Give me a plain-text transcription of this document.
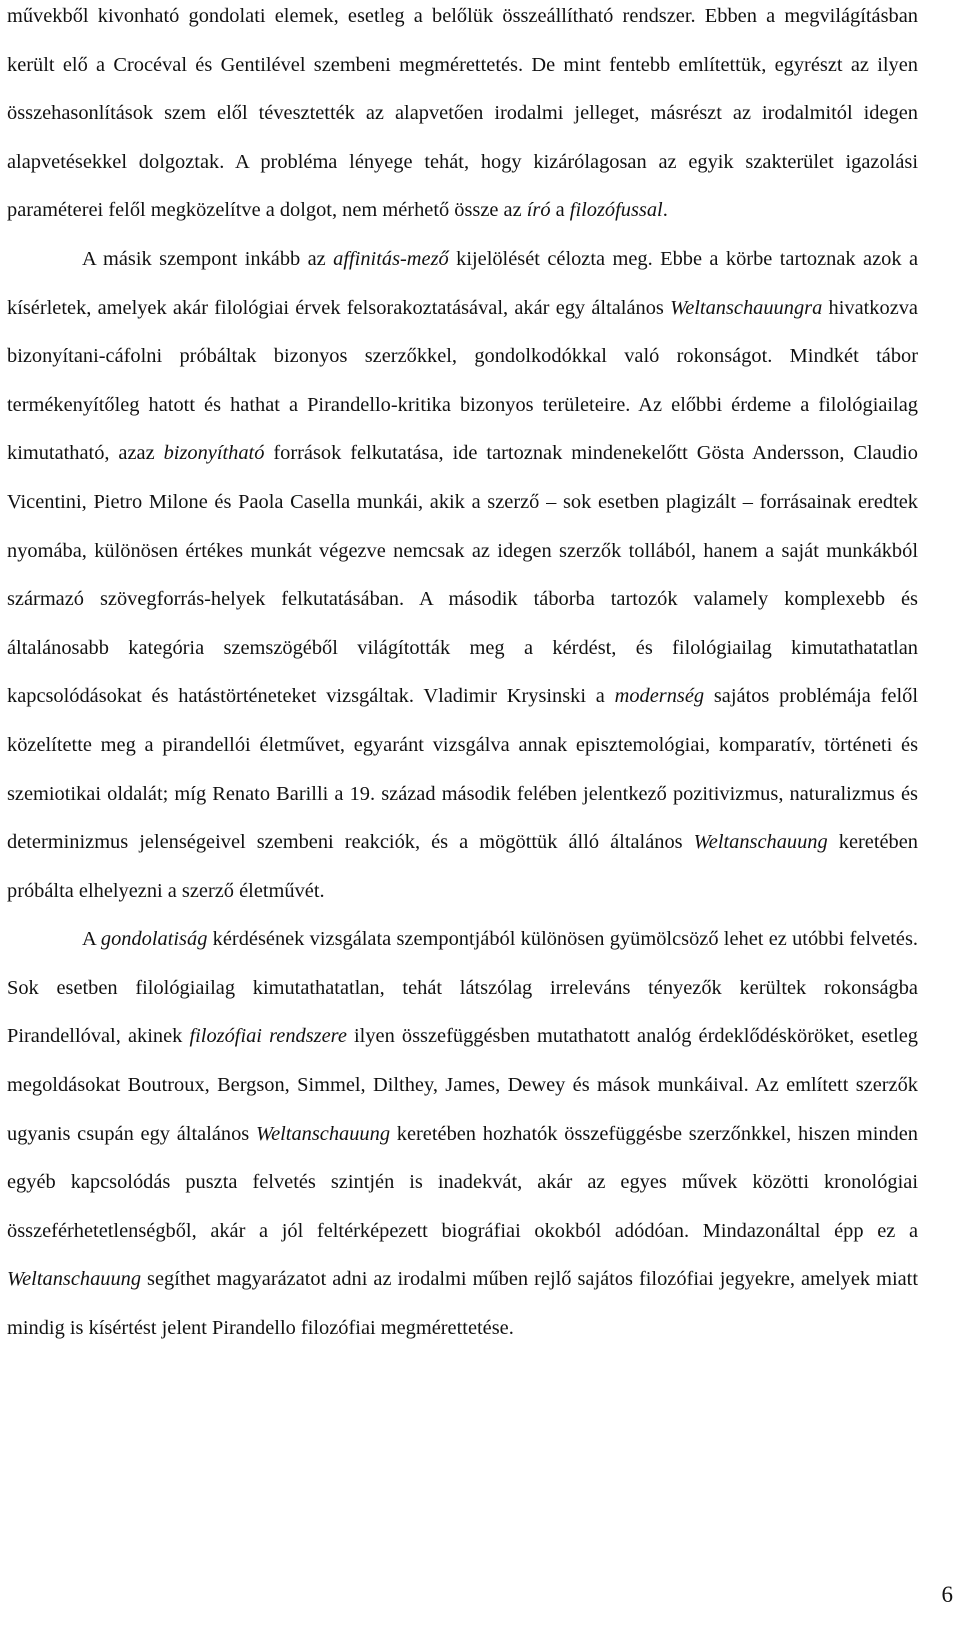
művekből kivonható gondolati elemek, esetleg a belőlük összeállítható rendszer. Ebben a megvilágításban került elő a Crocéval és Gentilével szembeni megmérettetés. De mint fentebb említettük, egyrészt az ilyen összehasonlítások szem elől tévesztették az alapvetően irodalmi jelleget, másrészt az irodalmitól idegen alapvetésekkel dolgoztak. A probléma lényege tehát, hogy kizárólagosan az egyik szakterület igazolási paraméterei felől megközelítve a dolgot, nem mérhető össze az író a filozófussal.

A másik szempont inkább az affinitás-mező kijelölését célozta meg. Ebbe a körbe tartoznak azok a kísérletek, amelyek akár filológiai érvek felsorakoztatásával, akár egy általános Weltanschauungra hivatkozva bizonyítani-cáfolni próbáltak bizonyos szerzőkkel, gondolkodókkal való rokonságot. Mindkét tábor termékenyítőleg hatott és hathat a Pirandello-kritika bizonyos területeire. Az előbbi érdeme a filológiailag kimutatható, azaz bizonyítható források felkutatása, ide tartoznak mindenekelőtt Gösta Andersson, Claudio Vicentini, Pietro Milone és Paola Casella munkái, akik a szerző – sok esetben plagizált – forrásainak eredtek nyomába, különösen értékes munkát végezve nemcsak az idegen szerzők tollából, hanem a saját munkákból származó szövegforrás-helyek felkutatásában. A második táborba tartozók valamely komplexebb és általánosabb kategória szemszögéből világították meg a kérdést, és filológiailag kimutathatatlan kapcsolódásokat és hatástörténeteket vizsgáltak. Vladimir Krysinski a modernség sajátos problémája felől közelítette meg a pirandellói életművet, egyaránt vizsgálva annak episztemológiai, komparatív, történeti és szemiotikai oldalát; míg Renato Barilli a 19. század második felében jelentkező pozitivizmus, naturalizmus és determinizmus jelenségeivel szembeni reakciók, és a mögöttük álló általános Weltanschauung keretében próbálta elhelyezni a szerző életművét.

A gondolatiság kérdésének vizsgálata szempontjából különösen gyümölcsöző lehet ez utóbbi felvetés. Sok esetben filológiailag kimutathatatlan, tehát látszólag irreleváns tényezők kerültek rokonságba Pirandellóval, akinek filozófiai rendszere ilyen összefüggésben mutathatott analóg érdeklődésköröket, esetleg megoldásokat Boutroux, Bergson, Simmel, Dilthey, James, Dewey és mások munkáival. Az említett szerzők ugyanis csupán egy általános Weltanschauung keretében hozhatók összefüggésbe szerzőnkkel, hiszen minden egyéb kapcsolódás puszta felvetés szintjén is inadekvát, akár az egyes művek közötti kronológiai összeférhetetlenségből, akár a jól feltérképezett biográfiai okokból adódóan. Mindazonáltal épp ez a Weltanschauung segíthet magyarázatot adni az irodalmi műben rejlő sajátos filozófiai jegyekre, amelyek miatt mindig is kísértést jelent Pirandello filozófiai megmérettetése.

6
